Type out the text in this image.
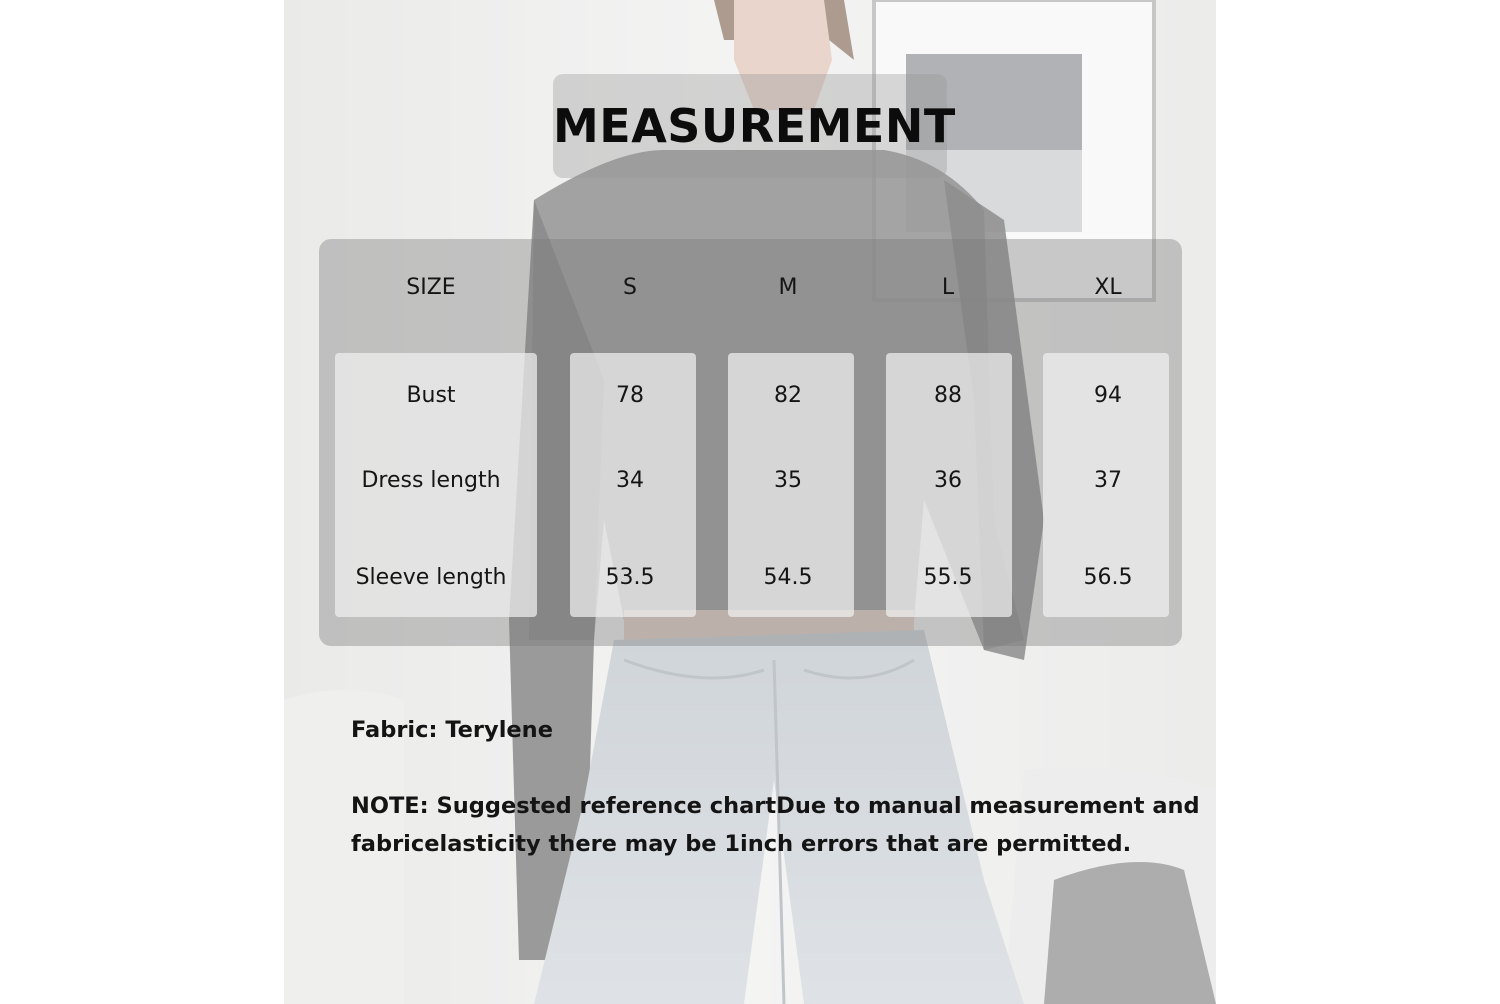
MEASUREMENT
SIZE	S	M	L	XL
Bust	78	82	88	94
Dress length	34	35	36	37
Sleeve length	53.5	54.5	55.5	56.5
Fabric: Terylene
NOTE: Suggested reference chartDue to manual measurement and
fabricelasticity there may be 1inch errors that are permitted.
